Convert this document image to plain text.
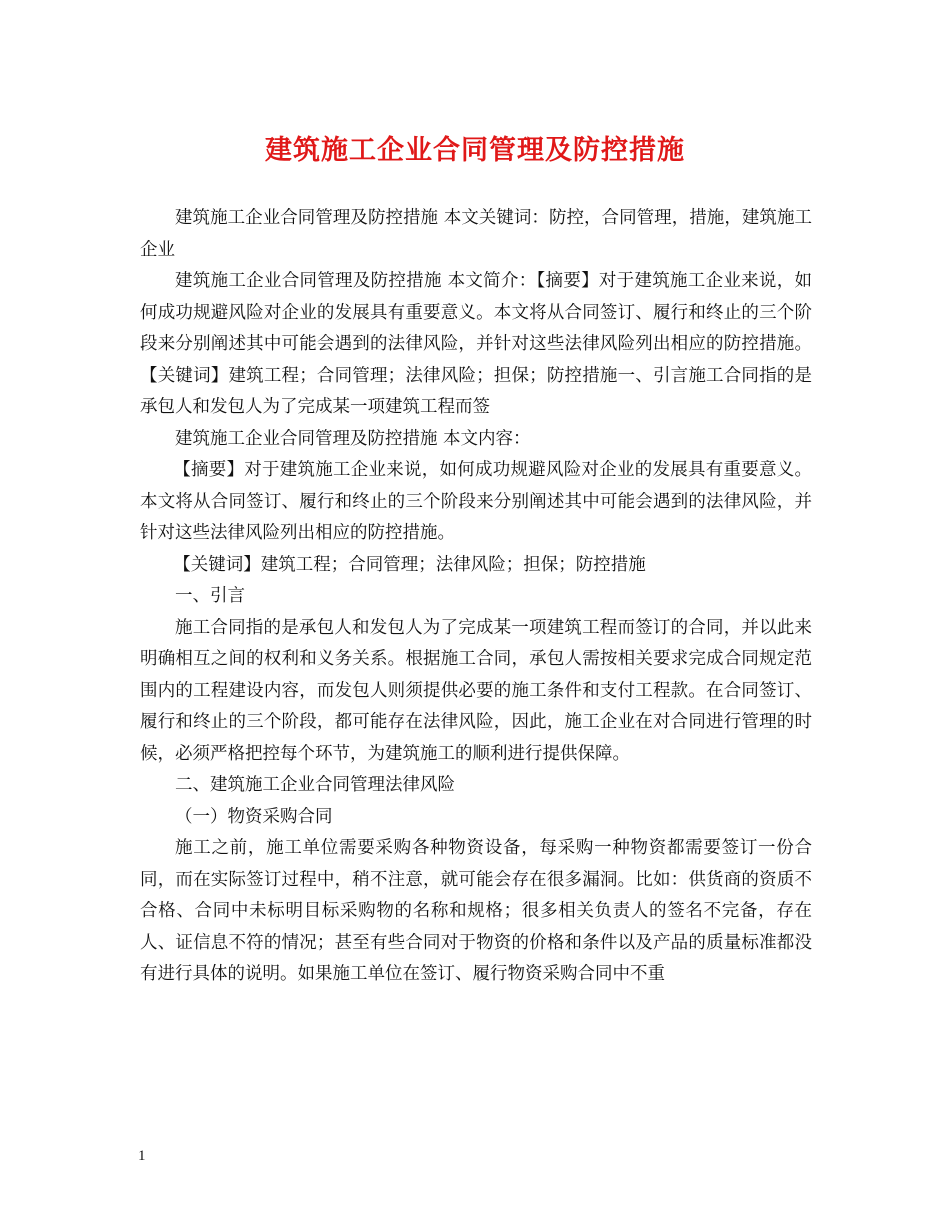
建筑施工企业合同管理及防控措施

建筑施工企业合同管理及防控措施 本文关键词：防控，合同管理，措施，建筑施工企业

建筑施工企业合同管理及防控措施 本文简介：【摘要】对于建筑施工企业来说，如何成功规避风险对企业的发展具有重要意义。本文将从合同签订、履行和终止的三个阶段来分别阐述其中可能会遇到的法律风险，并针对这些法律风险列出相应的防控措施。【关键词】建筑工程；合同管理；法律风险；担保；防控措施一、引言施工合同指的是承包人和发包人为了完成某一项建筑工程而签

建筑施工企业合同管理及防控措施 本文内容：

【摘要】对于建筑施工企业来说，如何成功规避风险对企业的发展具有重要意义。本文将从合同签订、履行和终止的三个阶段来分别阐述其中可能会遇到的法律风险，并针对这些法律风险列出相应的防控措施。

【关键词】建筑工程；合同管理；法律风险；担保；防控措施

一、引言

施工合同指的是承包人和发包人为了完成某一项建筑工程而签订的合同，并以此来明确相互之间的权利和义务关系。根据施工合同，承包人需按相关要求完成合同规定范围内的工程建设内容，而发包人则须提供必要的施工条件和支付工程款。在合同签订、履行和终止的三个阶段，都可能存在法律风险，因此，施工企业在对合同进行管理的时候，必须严格把控每个环节，为建筑施工的顺利进行提供保障。

二、建筑施工企业合同管理法律风险

（一）物资采购合同

施工之前，施工单位需要采购各种物资设备，每采购一种物资都需要签订一份合同，而在实际签订过程中，稍不注意，就可能会存在很多漏洞。比如：供货商的资质不合格、合同中未标明目标采购物的名称和规格；很多相关负责人的签名不完备，存在人、证信息不符的情况；甚至有些合同对于物资的价格和条件以及产品的质量标准都没有进行具体的说明。如果施工单位在签订、履行物资采购合同中不重

1
